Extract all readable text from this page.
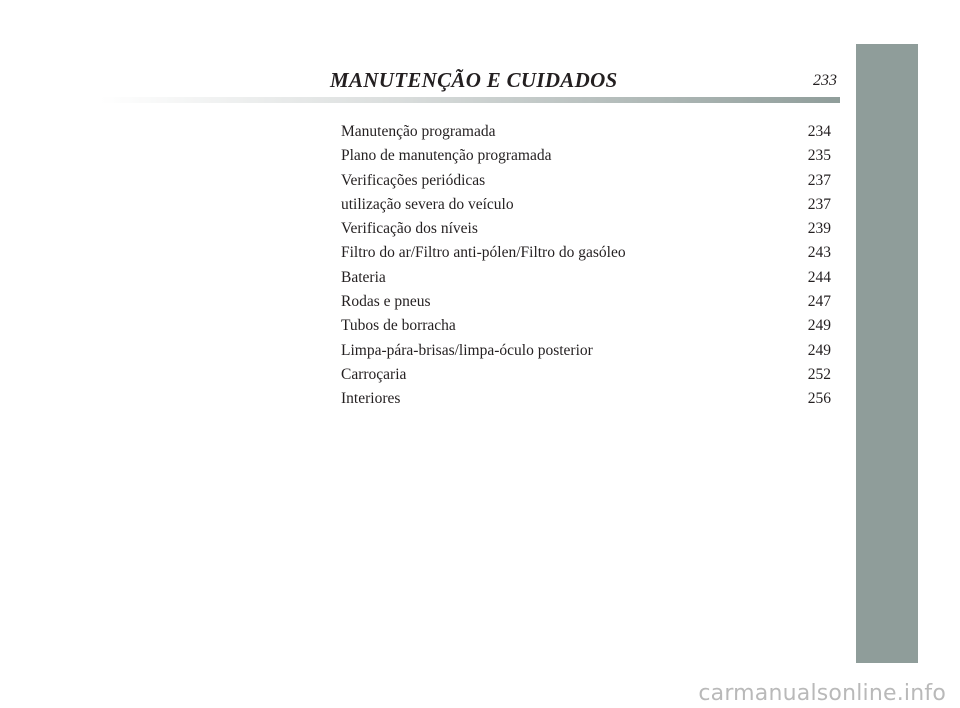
MANUTENÇÃO E CUIDADOS	233
Manutenção programada	234
Plano de manutenção programada	235
Verificações periódicas	237
utilização severa do veículo	237
Verificação dos níveis	239
Filtro do ar/Filtro anti-pólen/Filtro do gasóleo	243
Bateria	244
Rodas e pneus	247
Tubos de borracha	249
Limpa-pára-brisas/limpa-óculo posterior	249
Carroçaria	252
Interiores	256
carmanualsonline.info
